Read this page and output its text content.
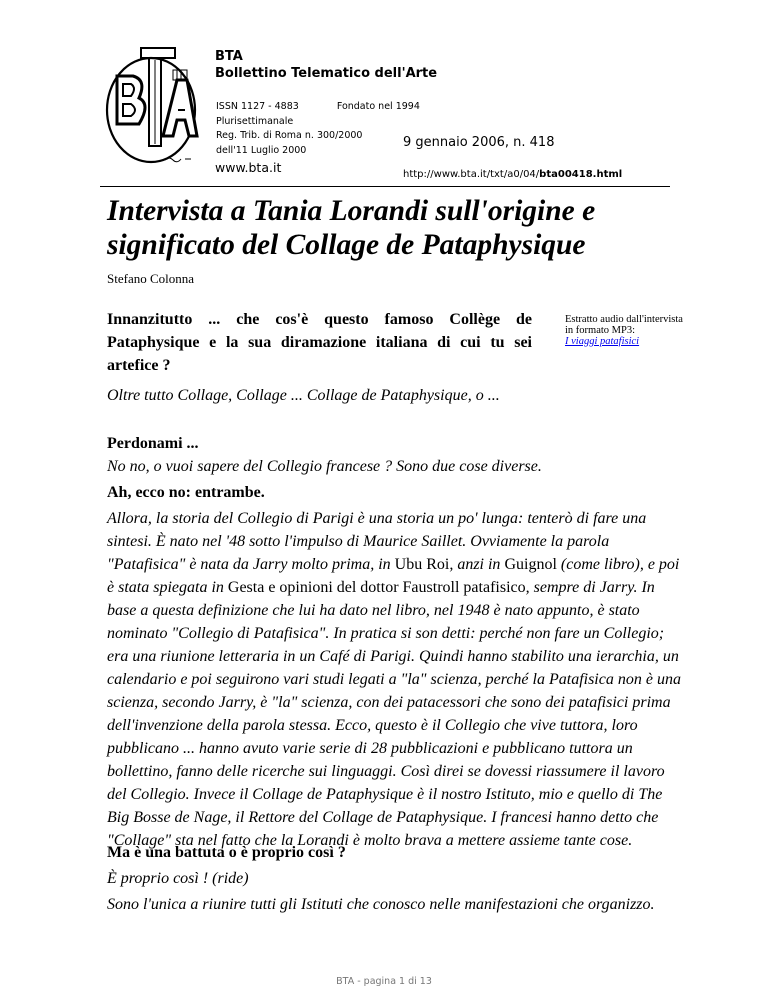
BTA
Bollettino Telematico dell'Arte
ISSN 1127 - 4883	Fondato nel 1994
Plurisettimanale
Reg. Trib. di Roma n. 300/2000
dell'11 Luglio 2000
www.bta.it
9 gennaio 2006, n. 418
http://www.bta.it/txt/a0/04/bta00418.html
Intervista a Tania Lorandi sull'origine e significato del Collage de Pataphysique
Stefano Colonna

Innanzitutto ... che cos'è questo famoso Collège de Pataphysique e la sua diramazione italiana di cui tu sei artefice ?

Estratto audio dall'intervista
in formato MP3:
I viaggi patafisici

Oltre tutto Collage, Collage ... Collage de Pataphysique, o ...

Perdonami ...

No no, o vuoi sapere del Collegio francese ? Sono due cose diverse.

Ah, ecco no: entrambe.

Allora, la storia del Collegio di Parigi è una storia un po' lunga: tenterò di fare una sintesi. È nato nel '48 sotto l'impulso di Maurice Saillet. Ovviamente la parola "Patafisica" è nata da Jarry molto prima, in Ubu Roi, anzi in Guignol (come libro), e poi è stata spiegata in Gesta e opinioni del dottor Faustroll patafisico, sempre di Jarry. In base a questa definizione che lui ha dato nel libro, nel 1948 è nato appunto, è stato nominato "Collegio di Patafisica". In pratica si son detti: perché non fare un Collegio; era una riunione letteraria in un Café di Parigi. Quindi hanno stabilito una ierarchia, un calendario e poi seguirono vari studi legati a "la" scienza, perché la Patafisica non è una scienza, secondo Jarry, è "la" scienza, con dei patacessori che sono dei patafisici prima dell'invenzione della parola stessa. Ecco, questo è il Collegio che vive tuttora, loro pubblicano ... hanno avuto varie serie di 28 pubblicazioni e pubblicano tuttora un bollettino, fanno delle ricerche sui linguaggi. Così direi se dovessi riassumere il lavoro del Collegio. Invece il Collage de Pataphysique è il nostro Istituto, mio e quello di The Big Bosse de Nage, il Rettore del Collage de Pataphysique. I francesi hanno detto che "Collage" sta nel fatto che la Lorandi è molto brava a mettere assieme tante cose.

Ma è una battuta o è proprio così ?

È proprio così ! (ride)

Sono l'unica a riunire tutti gli Istituti che conosco nelle manifestazioni che organizzo.

BTA - pagina 1 di 13
